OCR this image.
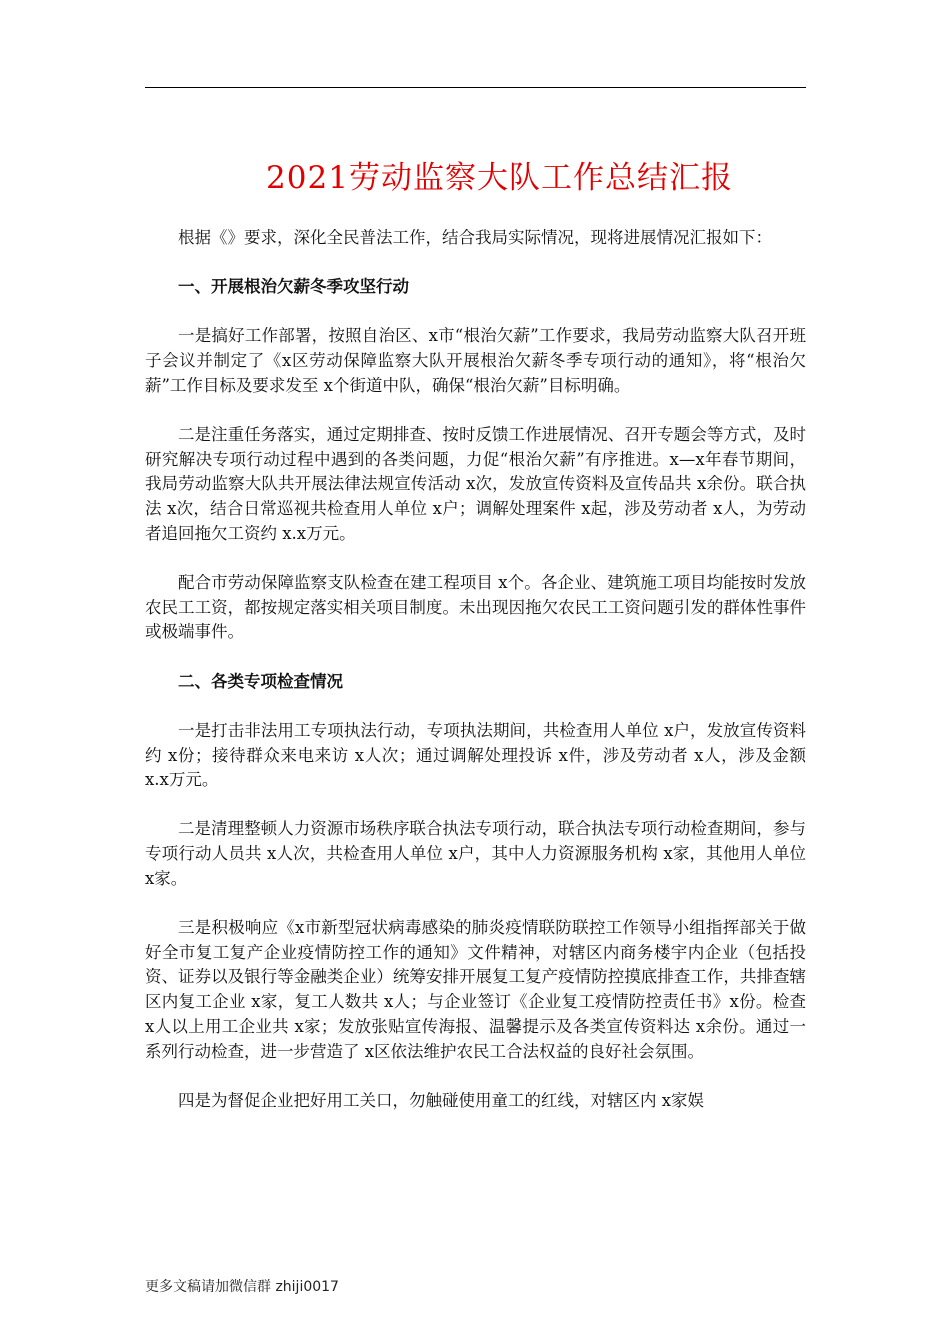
2021劳动监察大队工作总结汇报

根据《》要求，深化全民普法工作，结合我局实际情况，现将进展情况汇报如下：

一、开展根治欠薪冬季攻坚行动

一是搞好工作部署，按照自治区、x市“根治欠薪”工作要求，我局劳动监察大队召开班子会议并制定了《x区劳动保障监察大队开展根治欠薪冬季专项行动的通知》，将“根治欠薪”工作目标及要求发至 x个街道中队，确保“根治欠薪”目标明确。

二是注重任务落实，通过定期排查、按时反馈工作进展情况、召开专题会等方式，及时研究解决专项行动过程中遇到的各类问题，力促“根治欠薪”有序推进。x—x年春节期间，我局劳动监察大队共开展法律法规宣传活动 x次，发放宣传资料及宣传品共 x余份。联合执法 x次，结合日常巡视共检查用人单位 x户；调解处理案件 x起，涉及劳动者 x人，为劳动者追回拖欠工资约 x.x万元。

配合市劳动保障监察支队检查在建工程项目 x个。各企业、建筑施工项目均能按时发放农民工工资，都按规定落实相关项目制度。未出现因拖欠农民工工资问题引发的群体性事件或极端事件。

二、各类专项检查情况

一是打击非法用工专项执法行动，专项执法期间，共检查用人单位 x户，发放宣传资料约 x份；接待群众来电来访 x人次；通过调解处理投诉 x件，涉及劳动者 x人，涉及金额 x.x万元。

二是清理整顿人力资源市场秩序联合执法专项行动，联合执法专项行动检查期间，参与专项行动人员共 x人次，共检查用人单位 x户，其中人力资源服务机构 x家，其他用人单位 x家。

三是积极响应《x市新型冠状病毒感染的肺炎疫情联防联控工作领导小组指挥部关于做好全市复工复产企业疫情防控工作的通知》文件精神，对辖区内商务楼宇内企业（包括投资、证券以及银行等金融类企业）统筹安排开展复工复产疫情防控摸底排查工作，共排查辖区内复工企业 x家，复工人数共 x人；与企业签订《企业复工疫情防控责任书》x份。检查 x人以上用工企业共 x家；发放张贴宣传海报、温馨提示及各类宣传资料达 x余份。通过一系列行动检查，进一步营造了 x区依法维护农民工合法权益的良好社会氛围。

四是为督促企业把好用工关口，勿触碰使用童工的红线，对辖区内 x家娱

更多文稿请加微信群 zhiji0017
